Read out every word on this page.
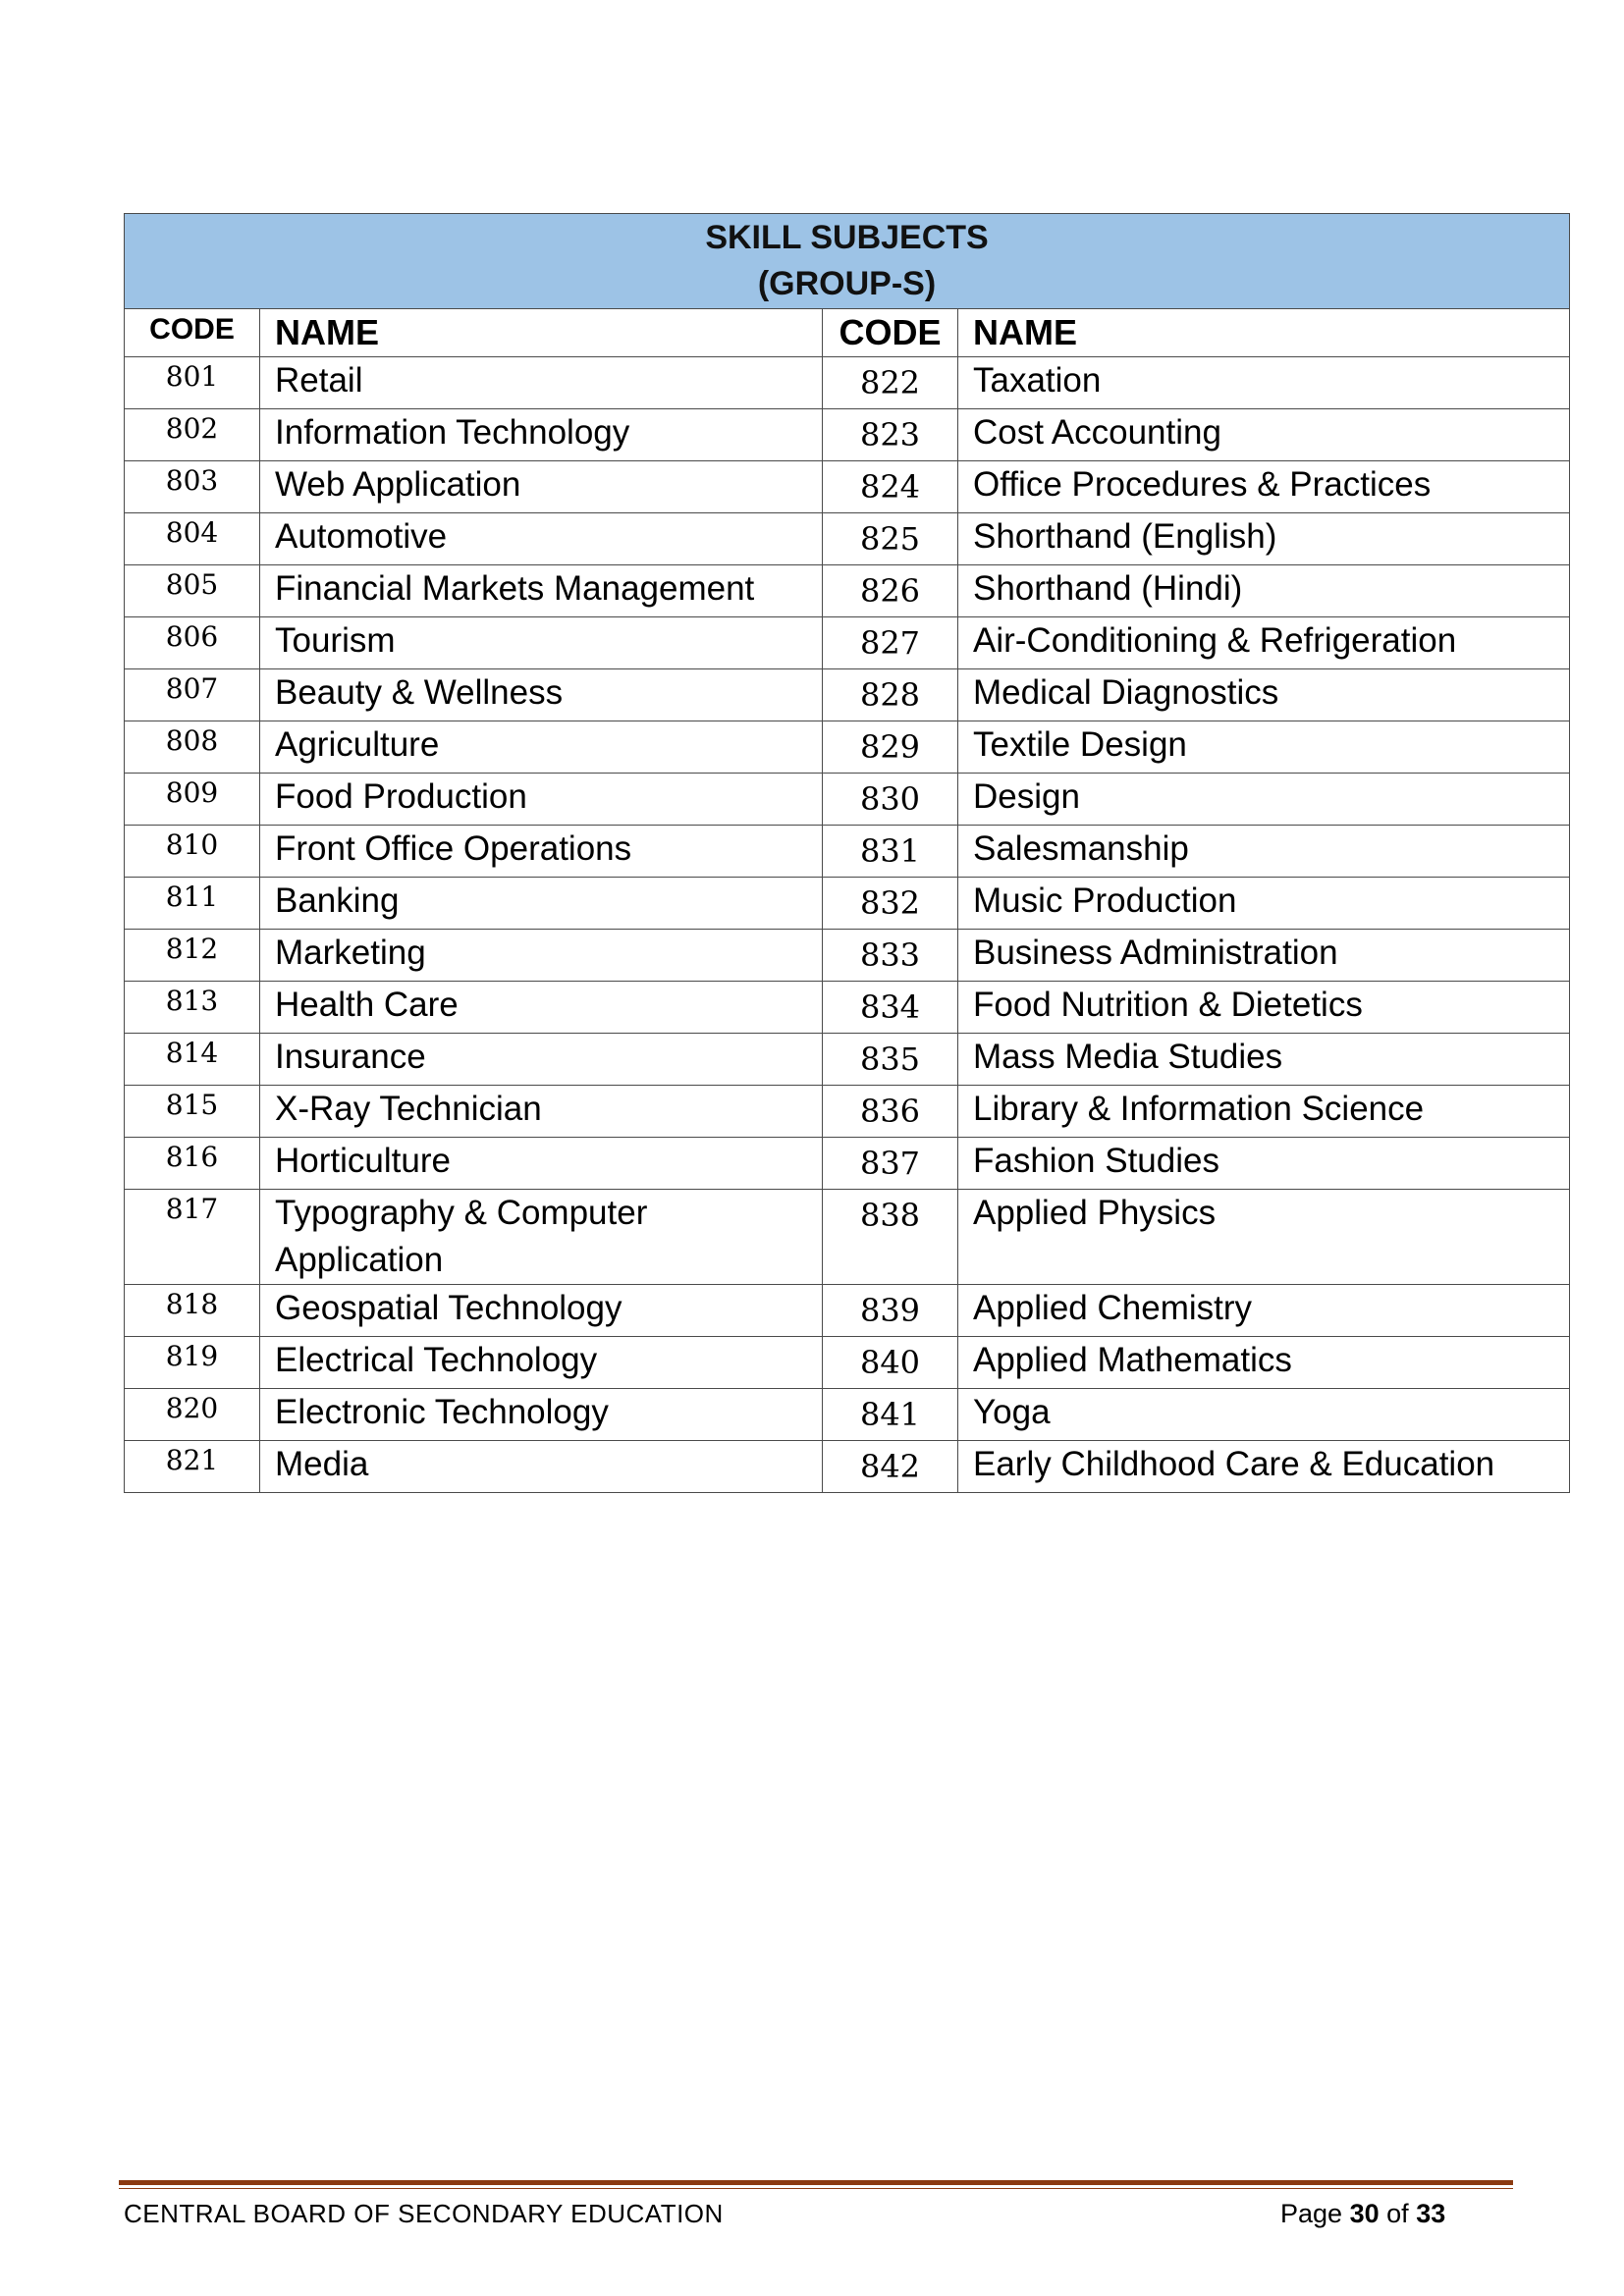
SKILL SUBJECTS
(GROUP-S)			

CODE	NAME	CODE	NAME
801	Retail	822	Taxation
802	Information Technology	823	Cost Accounting
803	Web Application	824	Office Procedures & Practices
804	Automotive	825	Shorthand (English)
805	Financial Markets Management	826	Shorthand (Hindi)
806	Tourism	827	Air-Conditioning & Refrigeration
807	Beauty & Wellness	828	Medical Diagnostics
808	Agriculture	829	Textile Design
809	Food Production	830	Design
810	Front Office Operations	831	Salesmanship
811	Banking	832	Music Production
812	Marketing	833	Business Administration
813	Health Care	834	Food Nutrition & Dietetics
814	Insurance	835	Mass Media Studies
815	X-Ray Technician	836	Library & Information Science
816	Horticulture	837	Fashion Studies
817	Typography & Computer
Application	838	Applied Physics
818	Geospatial Technology	839	Applied Chemistry
819	Electrical Technology	840	Applied Mathematics
820	Electronic Technology	841	Yoga
821	Media	842	Early Childhood Care & Education
CENTRAL BOARD OF SECONDARY EDUCATION	Page 30 of 33
